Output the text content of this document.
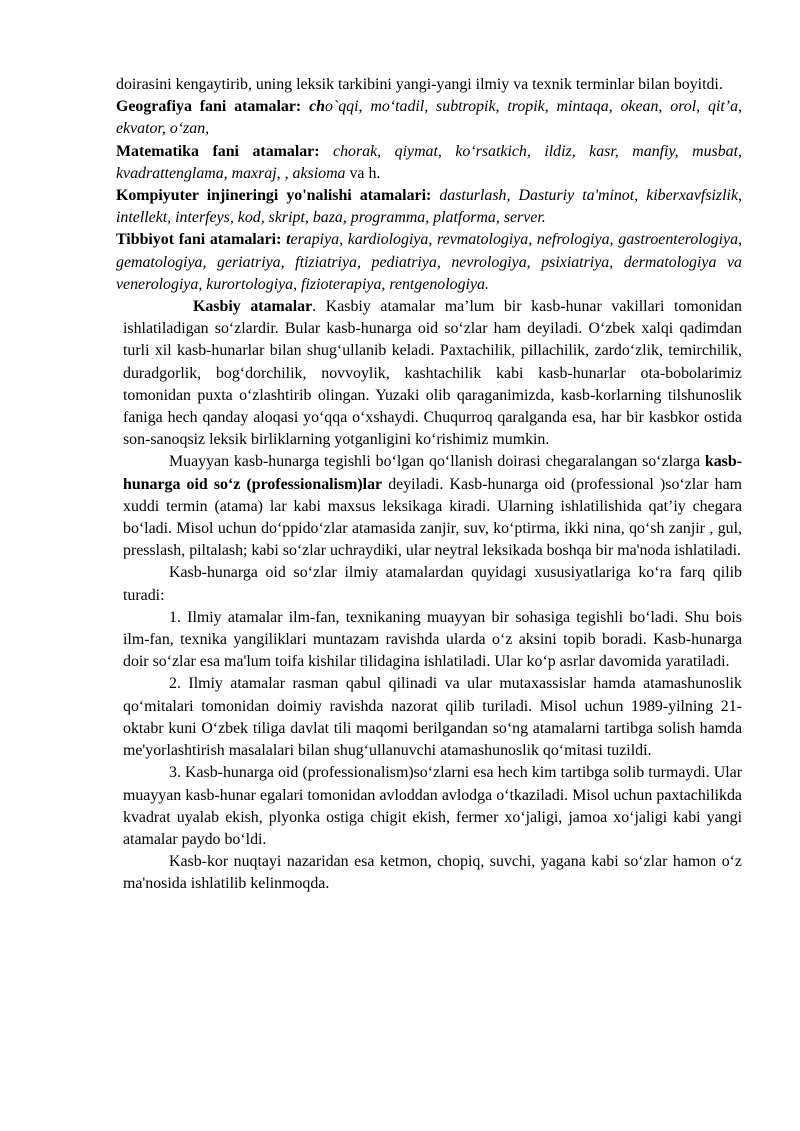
doirasini kengaytirib, uning leksik tarkibini yangi-yangi ilmiy va texnik terminlar bilan boyitdi.

Geografiya fani atamalar: cho`qqi, mo‘tadil, subtropik, tropik, mintaqa, okean, orol, qit’a, ekvator, o‘zan,

Matematika fani atamalar: chorak, qiymat, ko‘rsatkich, ildiz, kasr, manfiy, musbat, kvadrattenglama, maxraj, , aksioma va h.

Kompiyuter injineringi yo'nalishi atamalari: dasturlash, Dasturiy ta'minot, kiberxavfsizlik, intellekt, interfeys, kod, skript, baza, programma, platforma, server.

Tibbiyot fani atamalari: terapiya, kardiologiya, revmatologiya, nefrologiya, gastroenterologiya, gematologiya, geriatriya, ftiziatriya, pediatriya, nevrologiya, psixiatriya, dermatologiya va venerologiya, kurortologiya, fizioterapiya, rentgenologiya.

Kasbiy atamalar. Kasbiy atamalar ma’lum bir kasb-hunar vakillari tomonidan ishlatiladigan so‘zlardir. Bular kasb-hunarga oid so‘zlar ham deyiladi. O‘zbek xalqi qadimdan turli xil kasb-hunarlar bilan shug‘ullanib keladi. Paxtachilik, pillachilik, zardo‘zlik, temirchilik, duradgorlik, bog‘dorchilik, novvoylik, kashtachilik kabi kasb-hunarlar ota-bobolarimiz tomonidan puxta o‘zlashtirib olingan. Yuzaki olib qaraganimizda, kasb-korlarning tilshunoslik faniga hech qanday aloqasi yo‘qqa o‘xshaydi. Chuqurroq qaralganda esa, har bir kasbkor ostida son-sanoqsiz leksik birliklarning yotganligini ko‘rishimiz mumkin.

Muayyan kasb-hunarga tegishli bo‘lgan qo‘llanish doirasi chegaralangan so‘zlarga kasb-hunarga oid so‘z (professionalism)lar deyiladi. Kasb-hunarga oid (professional )so‘zlar ham xuddi termin (atama) lar kabi maxsus leksikaga kiradi. Ularning ishlatilishida qat’iy chegara bo‘ladi. Misol uchun do‘ppido‘zlar atamasida zanjir, suv, ko‘ptirma, ikki nina, qo‘sh zanjir , gul, presslash, piltalash; kabi so‘zlar uchraydiki, ular neytral leksikada boshqa bir ma'noda ishlatiladi.

Kasb-hunarga oid so‘zlar ilmiy atamalardan quyidagi xususiyatlariga ko‘ra farq qilib turadi:

1. Ilmiy atamalar ilm-fan, texnikaning muayyan bir sohasiga tegishli bo‘ladi. Shu bois ilm-fan, texnika yangiliklari muntazam ravishda ularda o‘z aksini topib boradi. Kasb-hunarga doir so‘zlar esa ma'lum toifa kishilar tilidagina ishlatiladi. Ular ko‘p asrlar davomida yaratiladi.

2. Ilmiy atamalar rasman qabul qilinadi va ular mutaxassislar hamda atamashunoslik qo‘mitalari tomonidan doimiy ravishda nazorat qilib turiladi. Misol uchun 1989-yilning 21-oktabr kuni O‘zbek tiliga davlat tili maqomi berilgandan so‘ng atamalarni tartibga solish hamda me'yorlashtirish masalalari bilan shug‘ullanuvchi atamashunoslik qo‘mitasi tuzildi.

3. Kasb-hunarga oid (professionalism)so‘zlarni esa hech kim tartibga solib turmaydi. Ular muayyan kasb-hunar egalari tomonidan avloddan avlodga o‘tkaziladi. Misol uchun paxtachilikda kvadrat uyalab ekish, plyonka ostiga chigit ekish, fermer xo‘jaligi, jamoa xo‘jaligi kabi yangi atamalar paydo bo‘ldi.

Kasb-kor nuqtayi nazaridan esa ketmon, chopiq, suvchi, yagana kabi so‘zlar hamon o‘z ma'nosida ishlatilib kelinmoqda.
